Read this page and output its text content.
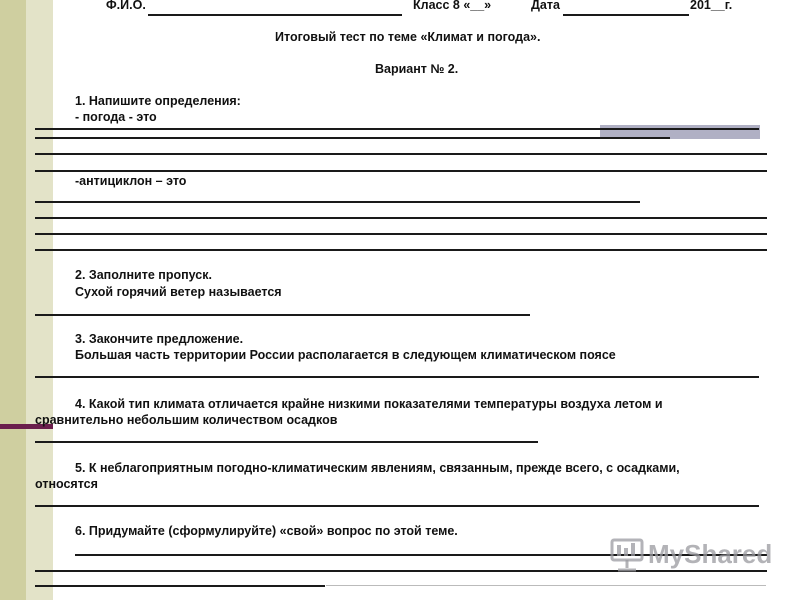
Ф.И.О.	Класс 8 «__»	Дата	201__г.
Итоговый тест по теме «Климат и погода».
Вариант № 2.
1. Напишите определения:
- погода - это
-антициклон – это
2. Заполните пропуск.
Сухой горячий ветер называется
3. Закончите предложение.
Большая часть территории России располагается в следующем климатическом поясе
4. Какой тип климата отличается крайне низкими показателями температуры воздуха летом и
сравнительно небольшим количеством осадков
5. К неблагоприятным погодно-климатическим явлениям, связанным, прежде всего, с осадками,
относятся
6. Придумайте (сформулируйте) «свой» вопрос по этой теме.
MyShared
